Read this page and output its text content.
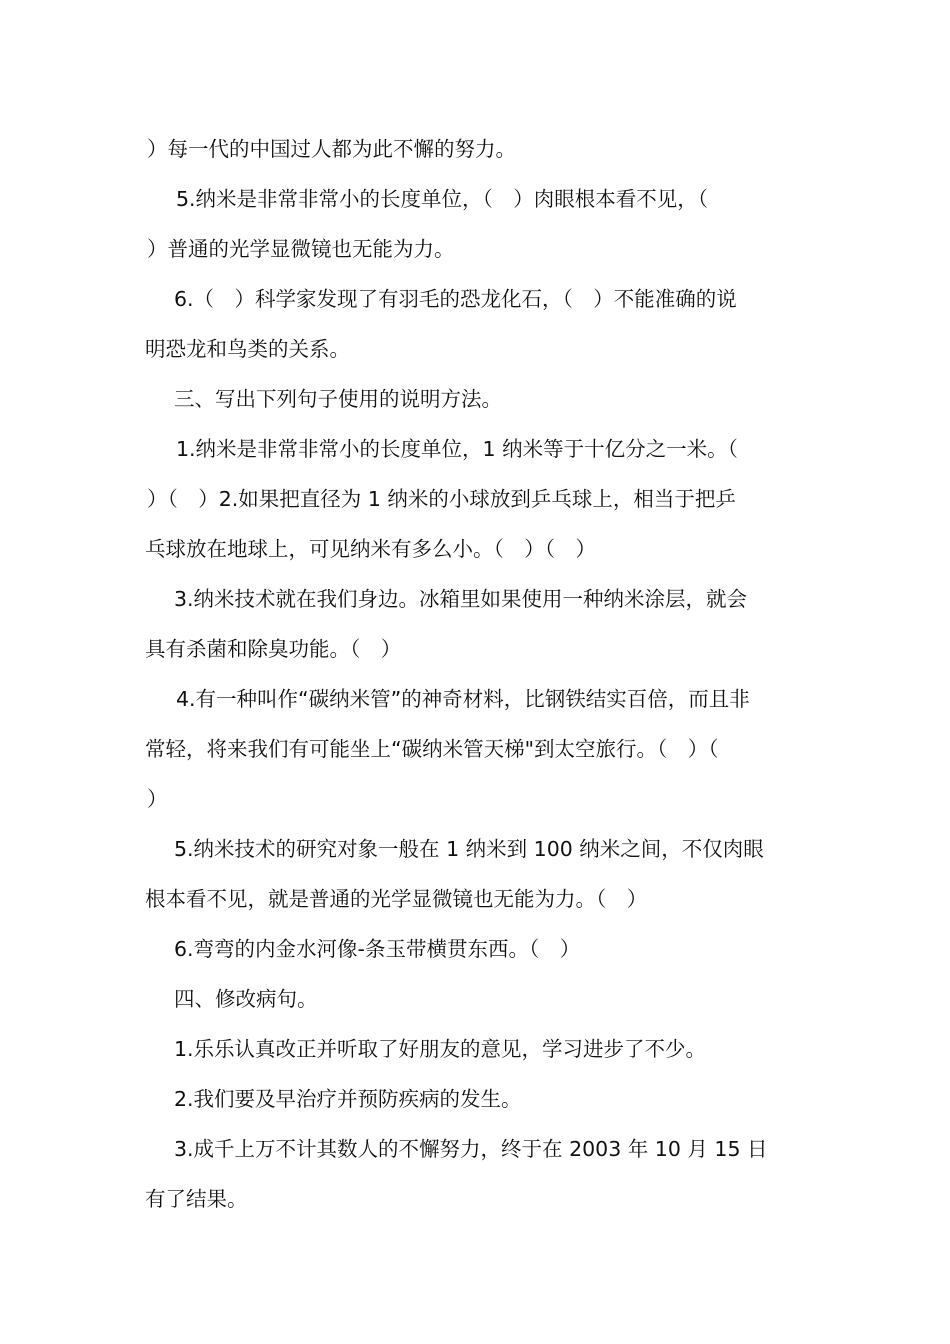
）每一代的中国过人都为此不懈的努力。
5.纳米是非常非常小的长度单位，（　）肉眼根本看不见，（
）普通的光学显微镜也无能为力。
6.（　）科学家发现了有羽毛的恐龙化石，（　）不能准确的说
明恐龙和鸟类的关系。
三、写出下列句子使用的说明方法。
1.纳米是非常非常小的长度单位，1 纳米等于十亿分之一米。（
）（　）2.如果把直径为 1 纳米的小球放到乒乓球上，相当于把乒
乓球放在地球上，可见纳米有多么小。（　）（　）
3.纳米技术就在我们身边。冰箱里如果使用一种纳米涂层，就会
具有杀菌和除臭功能。（　）
4.有一种叫作“碳纳米管”的神奇材料，比钢铁结实百倍，而且非
常轻，将来我们有可能坐上“碳纳米管天梯"到太空旅行。（　）（
）
5.纳米技术的研究对象一般在 1 纳米到 100 纳米之间，不仅肉眼
根本看不见，就是普通的光学显微镜也无能为力。（　）
6.弯弯的内金水河像-条玉带横贯东西。（　）
四、修改病句。
1.乐乐认真改正并听取了好朋友的意见，学习进步了不少。
2.我们要及早治疗并预防疾病的发生。
3.成千上万不计其数人的不懈努力，终于在 2003 年 10 月 15 日
有了结果。
